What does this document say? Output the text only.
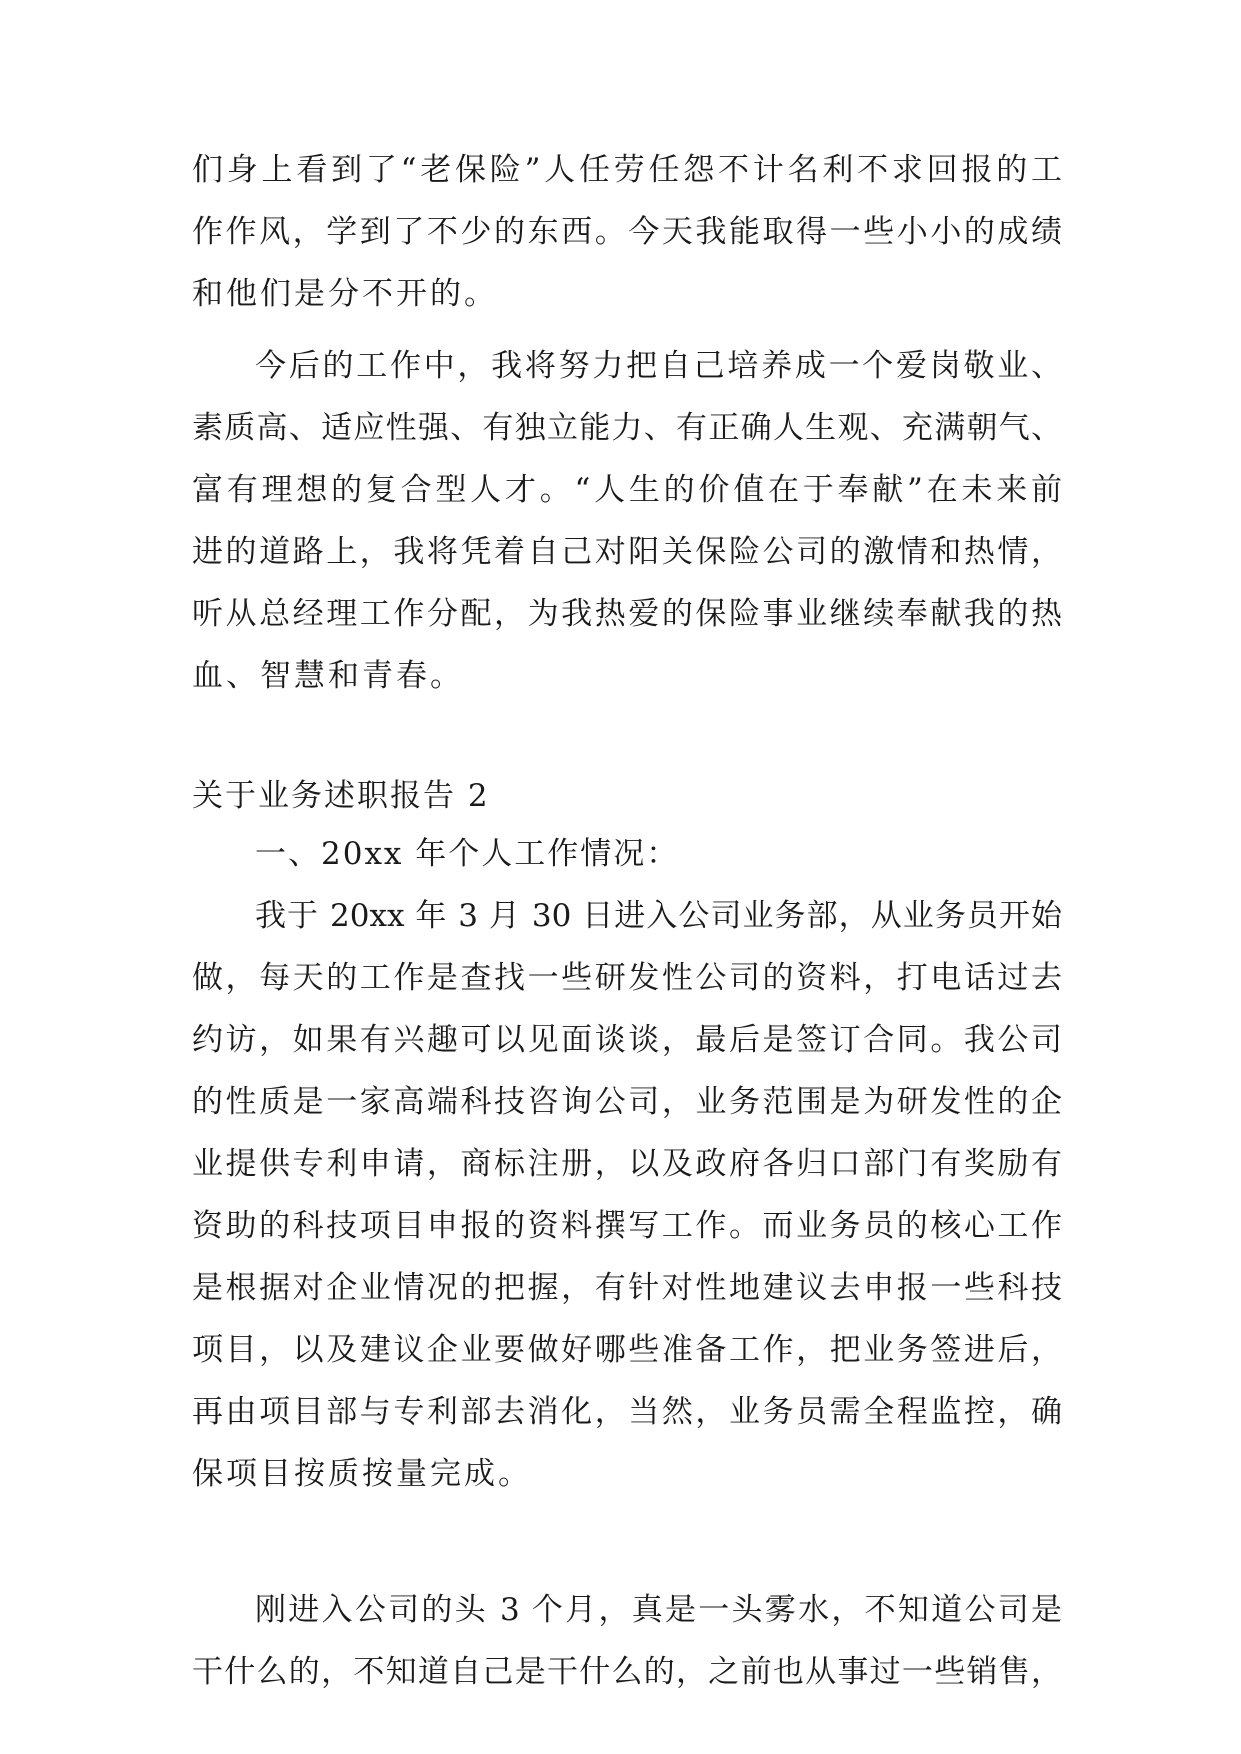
们身上看到了“老保险”人任劳任怨不计名利不求回报的工
作作风，学到了不少的东西。今天我能取得一些小小的成绩
和他们是分不开的。
今后的工作中，我将努力把自己培养成一个爱岗敬业、
素质高、适应性强、有独立能力、有正确人生观、充满朝气、
富有理想的复合型人才。“人生的价值在于奉献”在未来前
进的道路上，我将凭着自己对阳关保险公司的激情和热情，
听从总经理工作分配，为我热爱的保险事业继续奉献我的热
血、智慧和青春。
关于业务述职报告 2
一、20xx 年个人工作情况：
我于 20xx 年 3 月 30 日进入公司业务部，从业务员开始
做，每天的工作是查找一些研发性公司的资料，打电话过去
约访，如果有兴趣可以见面谈谈，最后是签订合同。我公司
的性质是一家高端科技咨询公司，业务范围是为研发性的企
业提供专利申请，商标注册，以及政府各归口部门有奖励有
资助的科技项目申报的资料撰写工作。而业务员的核心工作
是根据对企业情况的把握，有针对性地建议去申报一些科技
项目，以及建议企业要做好哪些准备工作，把业务签进后，
再由项目部与专利部去消化，当然，业务员需全程监控，确
保项目按质按量完成。
刚进入公司的头 3 个月，真是一头雾水，不知道公司是
干什么的，不知道自己是干什么的，之前也从事过一些销售，
